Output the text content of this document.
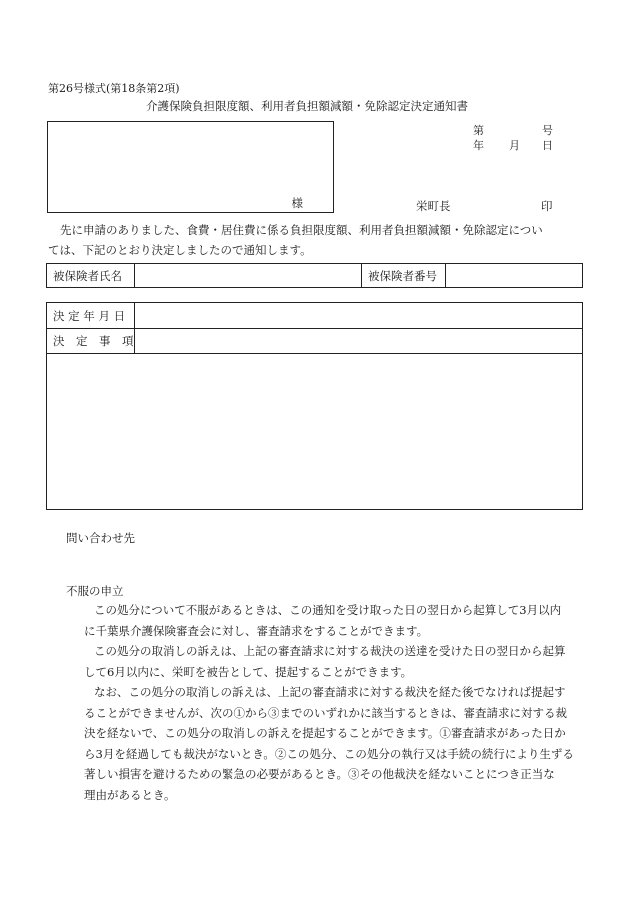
第26号様式(第18条第2項)
介護保険負担限度額、利用者負担額減額・免除認定決定通知書
様
第	号
年 月 日
栄町長	印
先に申請のありました、食費・居住費に係る負担限度額、利用者負担額減額・免除認定につい
ては、下記のとおり決定しましたので通知します。
被保険者氏名		被保険者番号	
決 定 年 月 日	
決　定　事　項	

問い合わせ先
不服の申立
この処分について不服があるときは、この通知を受け取った日の翌日から起算して3月以内
に千葉県介護保険審査会に対し、審査請求をすることができます。
この処分の取消しの訴えは、上記の審査請求に対する裁決の送達を受けた日の翌日から起算
して6月以内に、栄町を被告として、提起することができます。
なお、この処分の取消しの訴えは、上記の審査請求に対する裁決を経た後でなければ提起す
ることができませんが、次の①から③までのいずれかに該当するときは、審査請求に対する裁
決を経ないで、この処分の取消しの訴えを提起することができます。①審査請求があった日か
ら3月を経過しても裁決がないとき。②この処分、この処分の執行又は手続の続行により生ずる
著しい損害を避けるための緊急の必要があるとき。③その他裁決を経ないことにつき正当な
理由があるとき。
